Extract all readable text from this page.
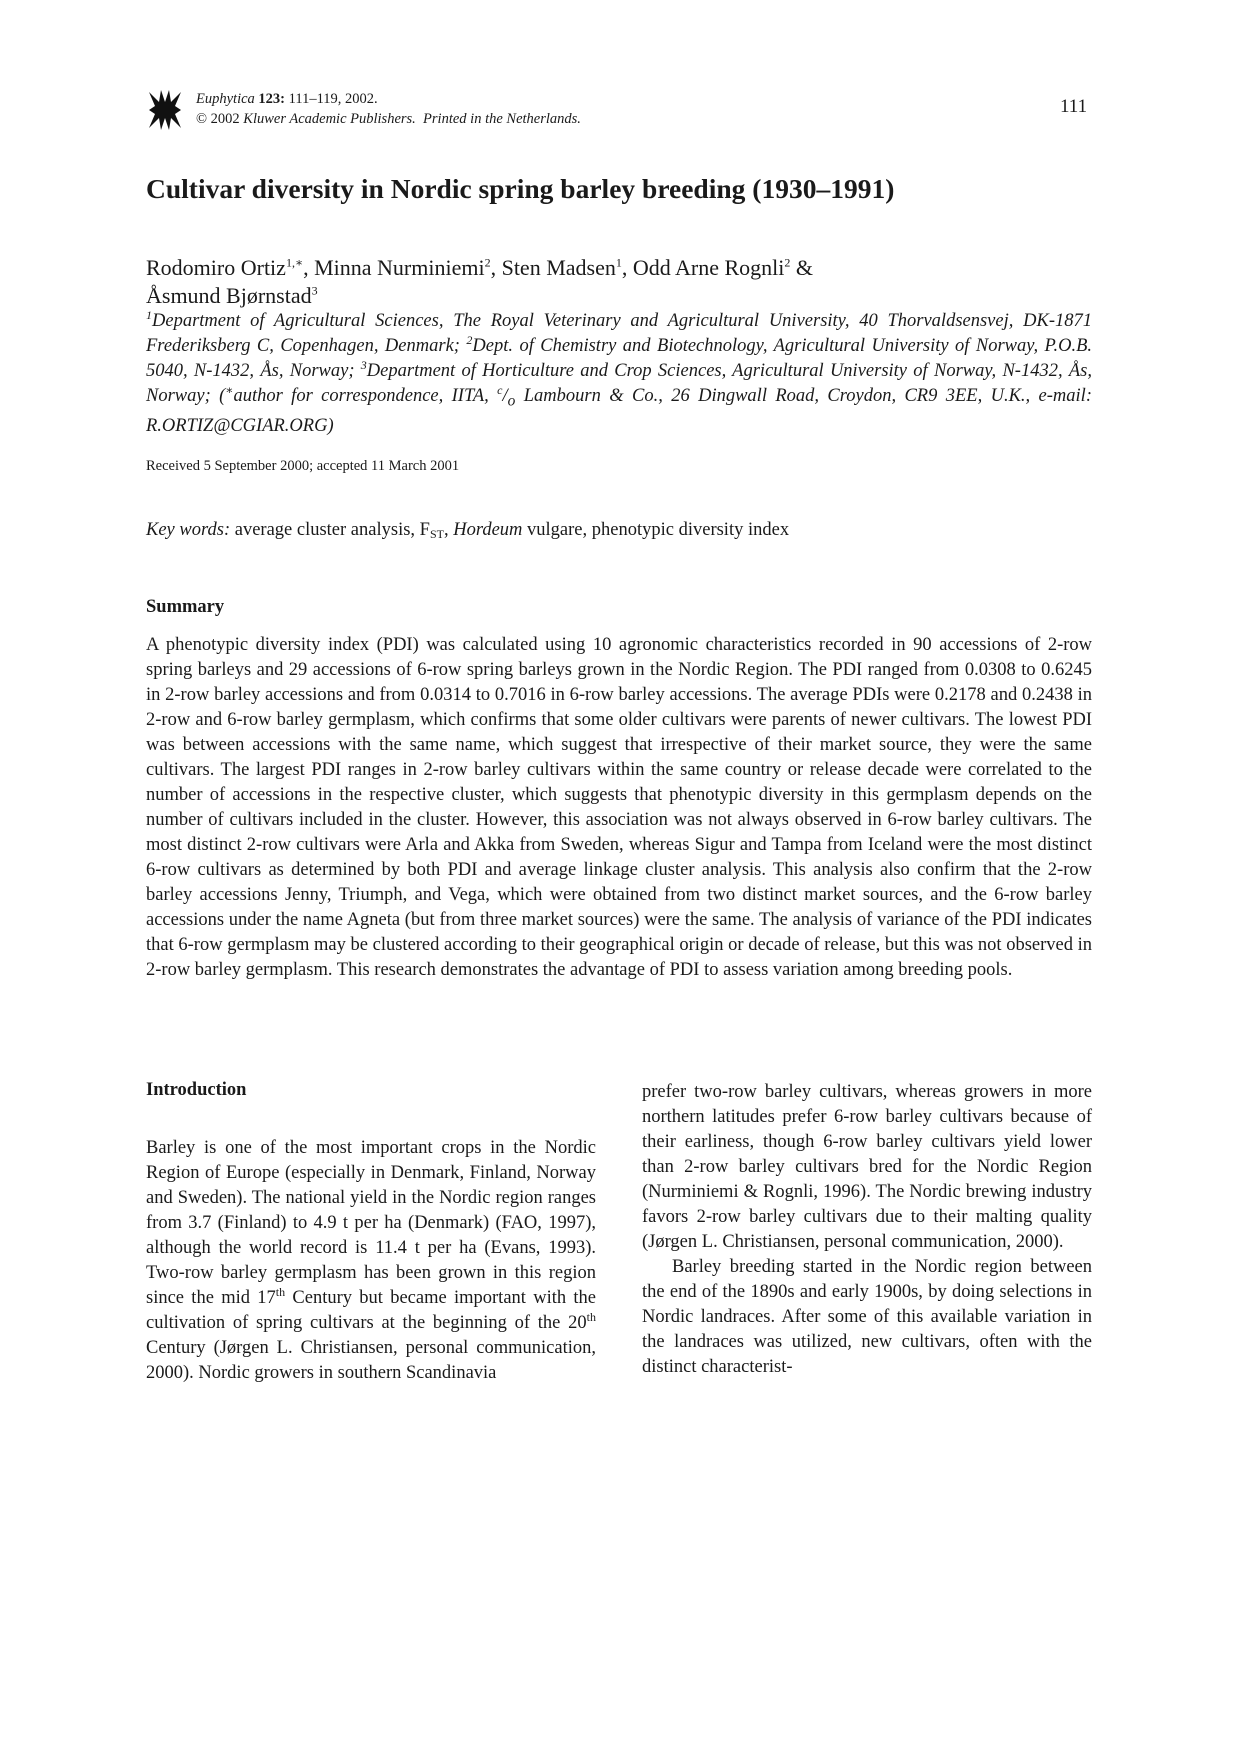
Euphytica 123: 111–119, 2002.
© 2002 Kluwer Academic Publishers. Printed in the Netherlands.
111
Cultivar diversity in Nordic spring barley breeding (1930–1991)
Rodomiro Ortiz$^{1,∗}$, Minna Nurminiemi$^2$, Sten Madsen$^1$, Odd Arne Rognli$^2$ &
Åsmund Bjørnstad$^3$

$^1$Department of Agricultural Sciences, The Royal Veterinary and Agricultural University, 40 Thorvaldsensvej, DK-1871 Frederiksberg C, Copenhagen, Denmark; $^2$Dept. of Chemistry and Biotechnology, Agricultural University of Norway, P.O.B. 5040, N-1432, Ås, Norway; $^3$Department of Horticulture and Crop Sciences, Agricultural University of Norway, N-1432, Ås, Norway; (∗author for correspondence, IITA, $^c/_o$ Lambourn & Co., 26 Dingwall Road, Croydon, CR9 3EE, U.K., e-mail: R.ORTIZ@CGIAR.ORG)

Received 5 September 2000; accepted 11 March 2001
Key words: average cluster analysis, $F_{ST}$, Hordeum vulgare, phenotypic diversity index
Summary

A phenotypic diversity index (PDI) was calculated using 10 agronomic characteristics recorded in 90 accessions of 2-row spring barleys and 29 accessions of 6-row spring barleys grown in the Nordic Region. The PDI ranged from 0.0308 to 0.6245 in 2-row barley accessions and from 0.0314 to 0.7016 in 6-row barley accessions. The average PDIs were 0.2178 and 0.2438 in 2-row and 6-row barley germplasm, which confirms that some older cultivars were parents of newer cultivars. The lowest PDI was between accessions with the same name, which suggest that irrespective of their market source, they were the same cultivars. The largest PDI ranges in 2-row barley cultivars within the same country or release decade were correlated to the number of accessions in the respective cluster, which suggests that phenotypic diversity in this germplasm depends on the number of cultivars included in the cluster. However, this association was not always observed in 6-row barley cultivars. The most distinct 2-row cultivars were Arla and Akka from Sweden, whereas Sigur and Tampa from Iceland were the most distinct 6-row cultivars as determined by both PDI and average linkage cluster analysis. This analysis also confirm that the 2-row barley accessions Jenny, Triumph, and Vega, which were obtained from two distinct market sources, and the 6-row barley accessions under the name Agneta (but from three market sources) were the same. The analysis of variance of the PDI indicates that 6-row germplasm may be clustered according to their geographical origin or decade of release, but this was not observed in 2-row barley germplasm. This research demonstrates the advantage of PDI to assess variation among breeding pools.

Introduction

Barley is one of the most important crops in the Nordic Region of Europe (especially in Denmark, Finland, Norway and Sweden). The national yield in the Nordic region ranges from 3.7 (Finland) to 4.9 t per ha (Denmark) (FAO, 1997), although the world record is 11.4 t per ha (Evans, 1993). Two-row barley germplasm has been grown in this region since the mid 17th Century but became important with the cultivation of spring cultivars at the beginning of the 20th Century (Jørgen L. Christiansen, personal communication, 2000). Nordic growers in southern Scandinavia

prefer two-row barley cultivars, whereas growers in more northern latitudes prefer 6-row barley cultivars because of their earliness, though 6-row barley cultivars yield lower than 2-row barley cultivars bred for the Nordic Region (Nurminiemi & Rognli, 1996). The Nordic brewing industry favors 2-row barley cultivars due to their malting quality (Jørgen L. Christiansen, personal communication, 2000).

Barley breeding started in the Nordic region between the end of the 1890s and early 1900s, by doing selections in Nordic landraces. After some of this available variation in the landraces was utilized, new cultivars, often with the distinct characterist-
